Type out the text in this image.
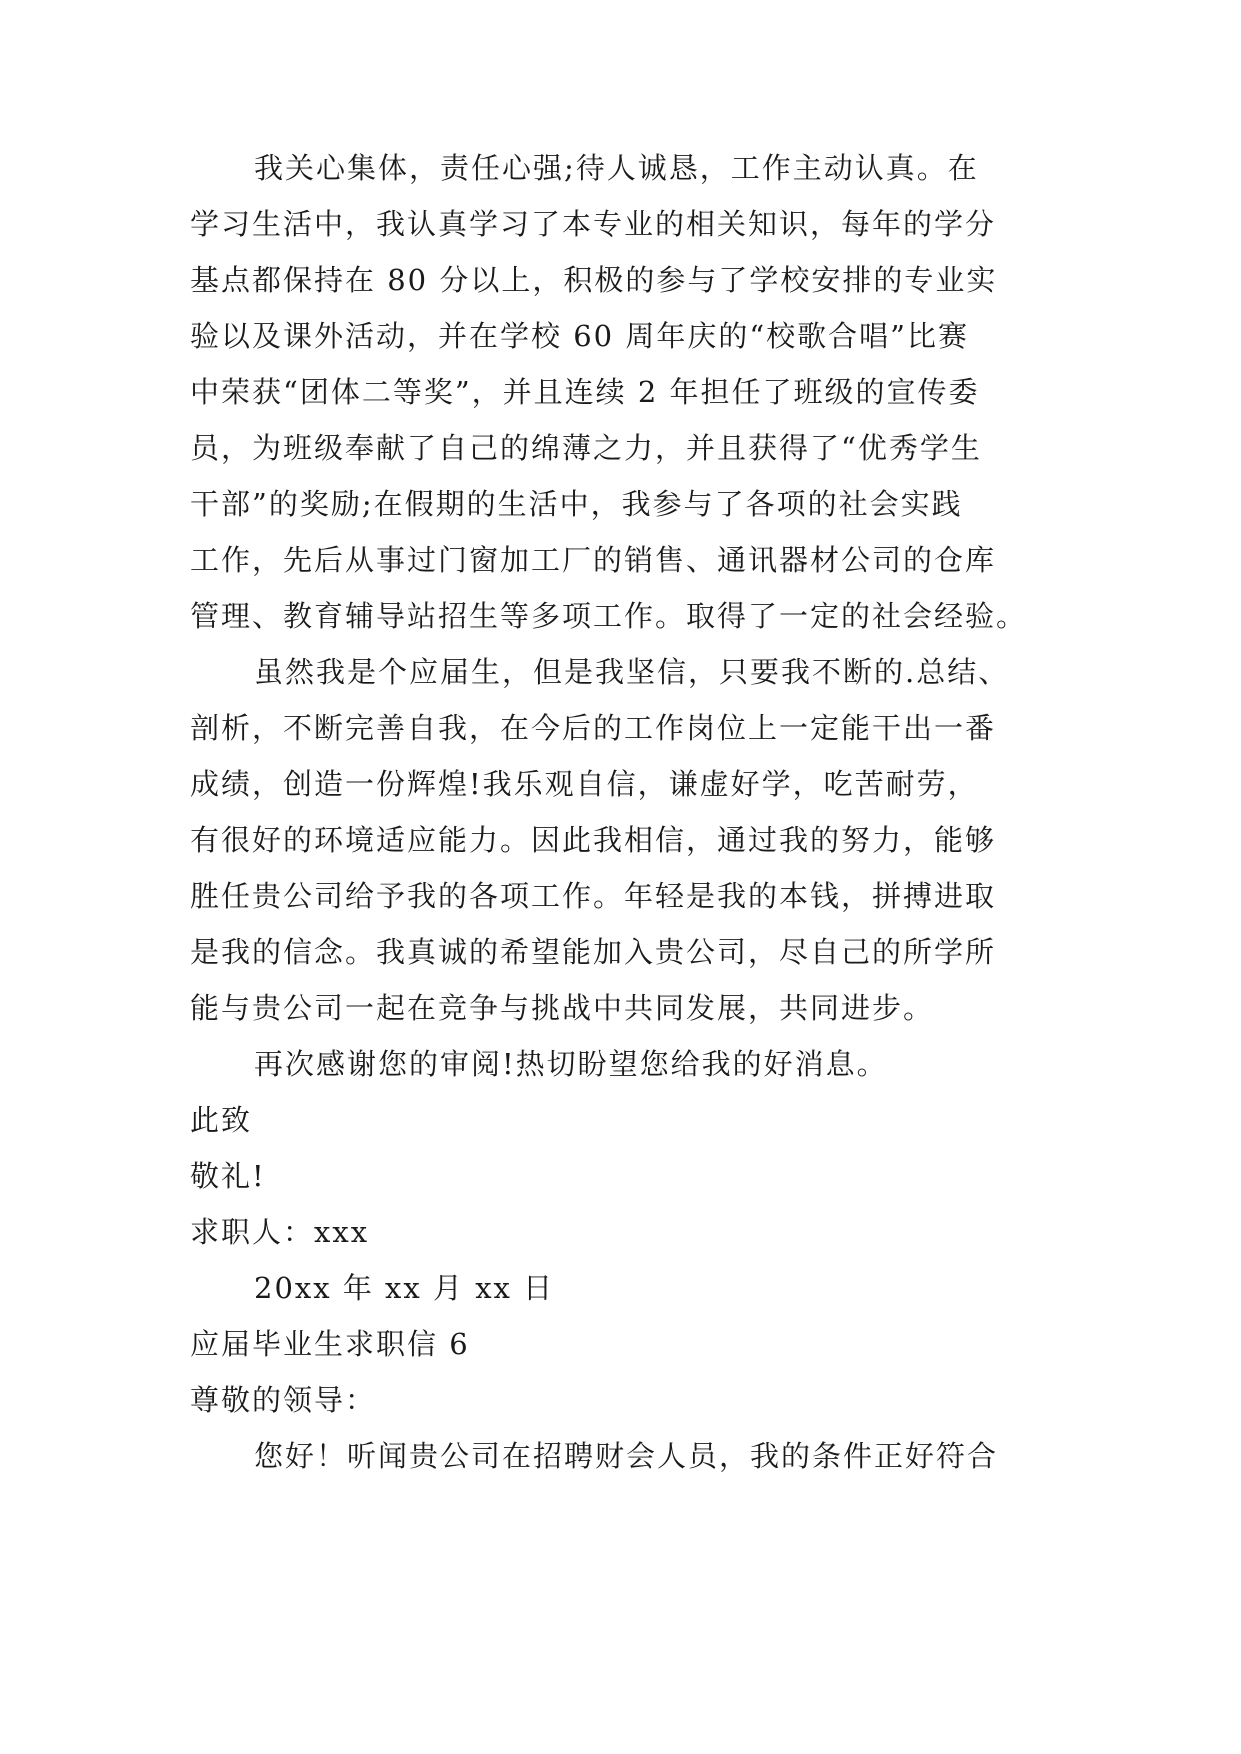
我关心集体，责任心强;待人诚恳，工作主动认真。在
学习生活中，我认真学习了本专业的相关知识，每年的学分
基点都保持在 80 分以上，积极的参与了学校安排的专业实
验以及课外活动，并在学校 60 周年庆的“校歌合唱”比赛
中荣获“团体二等奖”，并且连续 2 年担任了班级的宣传委
员，为班级奉献了自己的绵薄之力，并且获得了“优秀学生
干部”的奖励;在假期的生活中，我参与了各项的社会实践
工作，先后从事过门窗加工厂的销售、通讯器材公司的仓库
管理、教育辅导站招生等多项工作。取得了一定的社会经验。
虽然我是个应届生，但是我坚信，只要我不断的.总结、
剖析，不断完善自我，在今后的工作岗位上一定能干出一番
成绩，创造一份辉煌!我乐观自信，谦虚好学，吃苦耐劳，
有很好的环境适应能力。因此我相信，通过我的努力，能够
胜任贵公司给予我的各项工作。年轻是我的本钱，拼搏进取
是我的信念。我真诚的希望能加入贵公司，尽自己的所学所
能与贵公司一起在竞争与挑战中共同发展，共同进步。
再次感谢您的审阅!热切盼望您给我的好消息。
此致
敬礼!
求职人：xxx
20xx 年 xx 月 xx 日
应届毕业生求职信 6
尊敬的领导：
您好！听闻贵公司在招聘财会人员，我的条件正好符合
